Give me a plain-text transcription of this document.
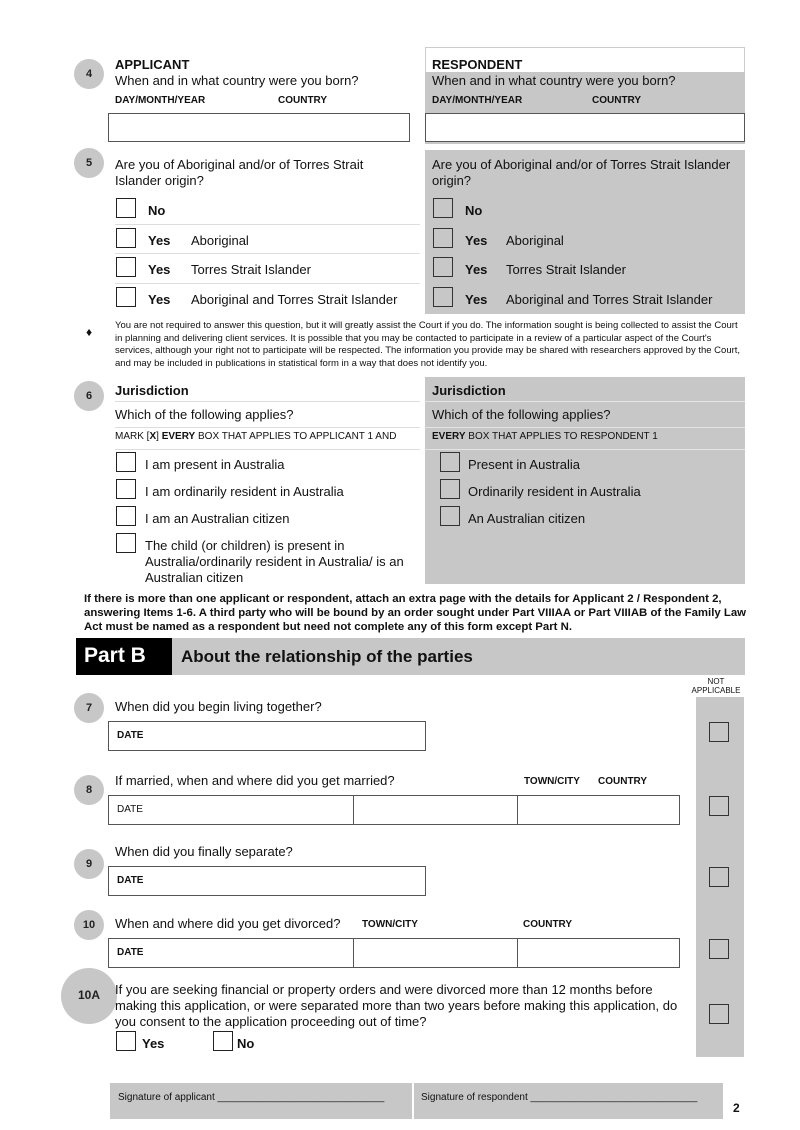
4
APPLICANT
When and in what country were you born?
DAY/MONTH/YEAR	COUNTRY
RESPONDENT
When and in what country were you born?
DAY/MONTH/YEAR	COUNTRY
5	Are you of Aboriginal and/or of Torres Strait Islander origin?
Are you of Aboriginal and/or of Torres Strait Islander origin?
No
Yes Aboriginal
Yes Torres Strait Islander
Yes Aboriginal and Torres Strait Islander
No
Yes Aboriginal
Yes Torres Strait Islander
Yes Aboriginal and Torres Strait Islander
♦ You are not required to answer this question, but it will greatly assist the Court if you do. The information sought is being collected to assist the Court in planning and delivering client services. It is possible that you may be contacted to participate in a review of a particular aspect of the Court's services, although your right not to participate will be respected. The information you provide may be shared with researchers approved by the Court, and may be included in publications in statistical form in a way that does not identify you.
6	Jurisdiction
Which of the following applies?
MARK [X] EVERY BOX THAT APPLIES TO APPLICANT 1 AND
I am present in Australia
I am ordinarily resident in Australia
I am an Australian citizen
The child (or children) is present in Australia/ordinarily resident in Australia/ is an Australian citizen
Jurisdiction
Which of the following applies?
EVERY BOX THAT APPLIES TO RESPONDENT 1
Present in Australia
Ordinarily resident in Australia
An Australian citizen
If there is more than one applicant or respondent, attach an extra page with the details for Applicant 2 / Respondent 2, answering Items 1-6. A third party who will be bound by an order sought under Part VIIIAA or Part VIIIAB of the Family Law Act must be named as a respondent but need not complete any of this form except Part N.
Part B About the relationship of the parties
NOT APPLICABLE
7	When did you begin living together?
DATE
8
If married, when and where did you get married?	TOWN/CITY COUNTRY
DATE
9
When did you finally separate?
DATE
10	When and where did you get divorced? TOWN/CITY	COUNTRY
DATE
10A	If you are seeking financial or property orders and were divorced more than 12 months before making this application, or were separated more than two years before making this application, do you consent to the application proceeding out of time?
Yes	No
Signature of applicant ______________________________	Signature of respondent ______________________________
2
